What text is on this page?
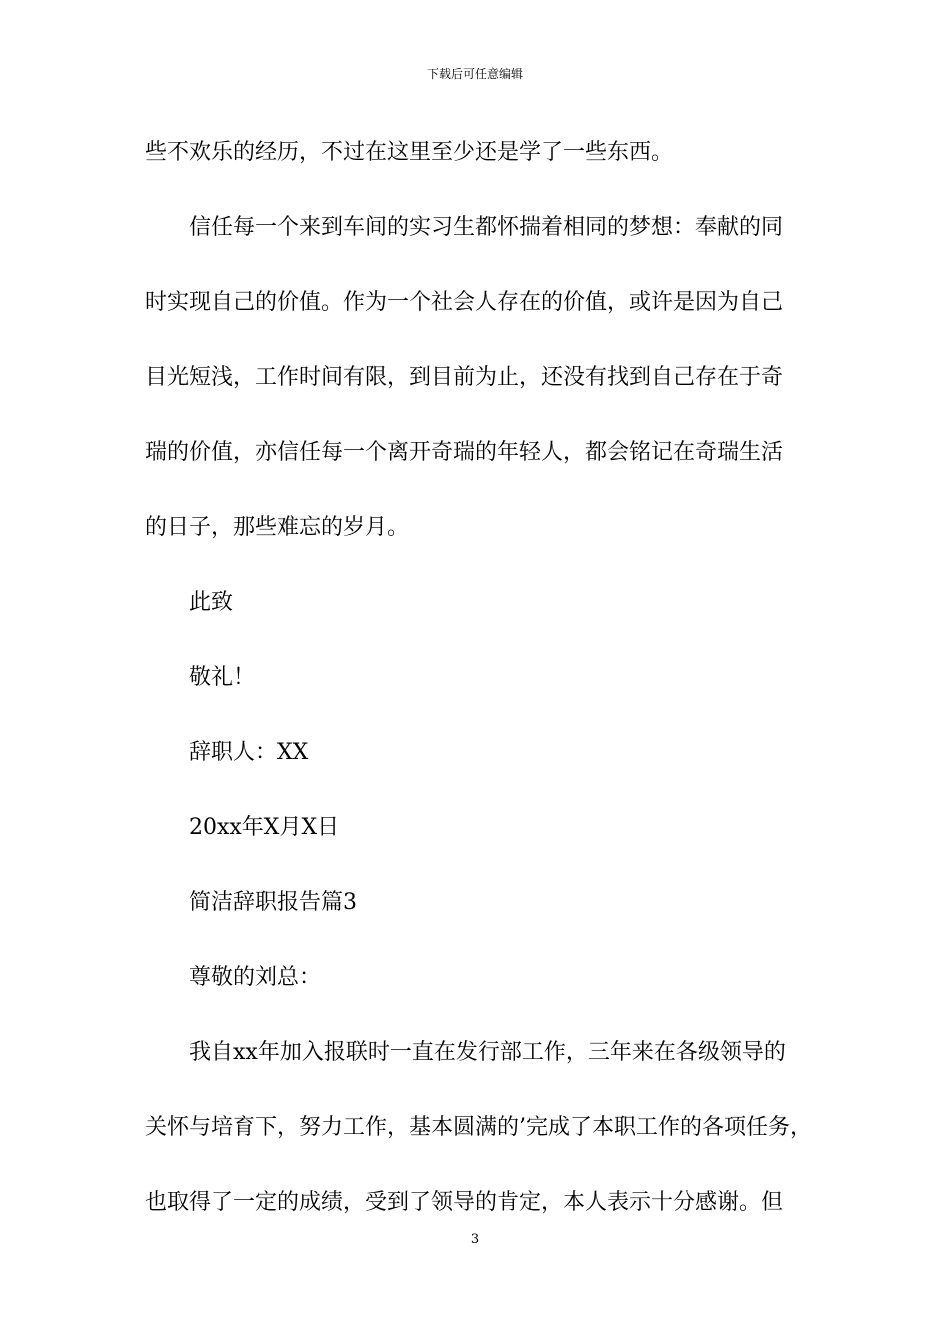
下载后可任意编辑
些不欢乐的经历，不过在这里至少还是学了一些东西。
信任每一个来到车间的实习生都怀揣着相同的梦想：奉献的同
时实现自己的价值。作为一个社会人存在的价值，或许是因为自己
目光短浅，工作时间有限，到目前为止，还没有找到自己存在于奇
瑞的价值，亦信任每一个离开奇瑞的年轻人，都会铭记在奇瑞生活
的日子，那些难忘的岁月。
此致
敬礼！
辞职人：XX
20xx年X月X日
简洁辞职报告篇3
尊敬的刘总：
我自xx年加入报联时一直在发行部工作，三年来在各级领导的
关怀与培育下，努力工作，基本圆满的’完成了本职工作的各项任务，
也取得了一定的成绩，受到了领导的肯定，本人表示十分感谢。但
3
